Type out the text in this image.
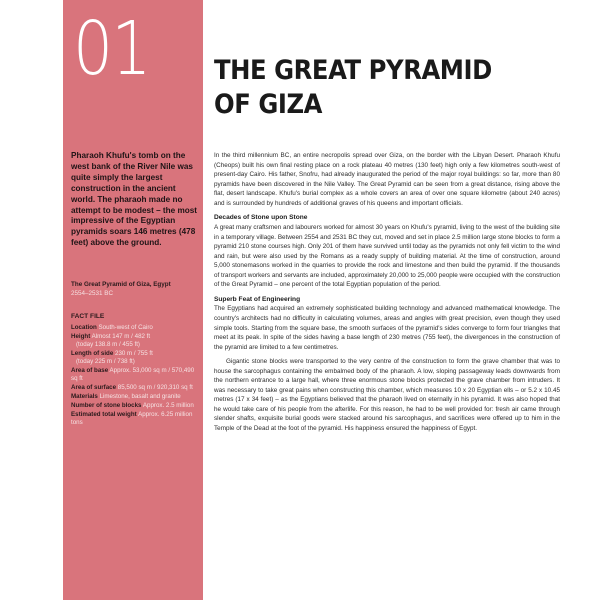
01
Pharaoh Khufu's tomb on the west bank of the River Nile was quite simply the largest construction in the ancient world. The pharaoh made no attempt to be modest – the most impressive of the Egyptian pyramids soars 146 metres (478 feet) above the ground.
The Great Pyramid of Giza, Egypt
2554–2531 BC
FACT FILE
Location South-west of Cairo
Height Almost 147 m / 482 ft
(today 138.8 m / 455 ft)
Length of side 230 m / 755 ft
(today 225 m / 738 ft)
Area of base Approx. 53,000 sq m / 570,490 sq ft
Area of surface 85,500 sq m / 920,310 sq ft
Materials Limestone, basalt and granite
Number of stone blocks Approx. 2.5 million
Estimated total weight Approx. 6.25 million tons
THE GREAT PYRAMID
OF GIZA

In the third millennium BC, an entire necropolis spread over Giza, on the border with the Libyan Desert. Pharaoh Khufu (Cheops) built his own final resting place on a rock plateau 40 metres (130 feet) high only a few kilometres south-west of present-day Cairo. His father, Snofru, had already inaugurated the period of the major royal buildings: so far, more than 80 pyramids have been discovered in the Nile Valley. The Great Pyramid can be seen from a great distance, rising above the flat, desert landscape. Khufu's burial complex as a whole covers an area of over one square kilometre (about 240 acres) and is surrounded by hundreds of additional graves of his queens and important officials.

Decades of Stone upon Stone

A great many craftsmen and labourers worked for almost 30 years on Khufu's pyramid, living to the west of the building site in a temporary village. Between 2554 and 2531 BC they cut, moved and set in place 2.5 million large stone blocks to form a pyramid 210 stone courses high. Only 201 of them have survived until today as the pyramids not only fell victim to the wind and rain, but were also used by the Romans as a ready supply of building material. At the time of construction, around 5,000 stonemasons worked in the quarries to provide the rock and limestone and then build the pyramid. If the thousands of transport workers and servants are included, approximately 20,000 to 25,000 people were occupied with the construction of the Great Pyramid – one percent of the total Egyptian population of the period.

Superb Feat of Engineering

The Egyptians had acquired an extremely sophisticated building technology and advanced mathematical knowledge. The country's architects had no difficulty in calculating volumes, areas and angles with great precision, even though they used simple tools. Starting from the square base, the smooth surfaces of the pyramid's sides converge to form four triangles that meet at its peak. In spite of the sides having a base length of 230 metres (755 feet), the divergences in the construction of the pyramid are limited to a few centimetres.

Gigantic stone blocks were transported to the very centre of the construction to form the grave chamber that was to house the sarcophagus containing the embalmed body of the pharaoh. A low, sloping passageway leads downwards from the northern entrance to a large hall, where three enormous stone blocks protected the grave chamber from intruders. It was necessary to take great pains when constructing this chamber, which measures 10 x 20 Egyptian ells – or 5.2 x 10.45 metres (17 x 34 feet) – as the Egyptians believed that the pharaoh lived on eternally in his pyramid. It was also hoped that he would take care of his people from the afterlife. For this reason, he had to be well provided for: fresh air came through slender shafts, exquisite burial goods were stacked around his sarcophagus, and sacrifices were offered up to him in the Temple of the Dead at the foot of the pyramid. His happiness ensured the happiness of Egypt.
